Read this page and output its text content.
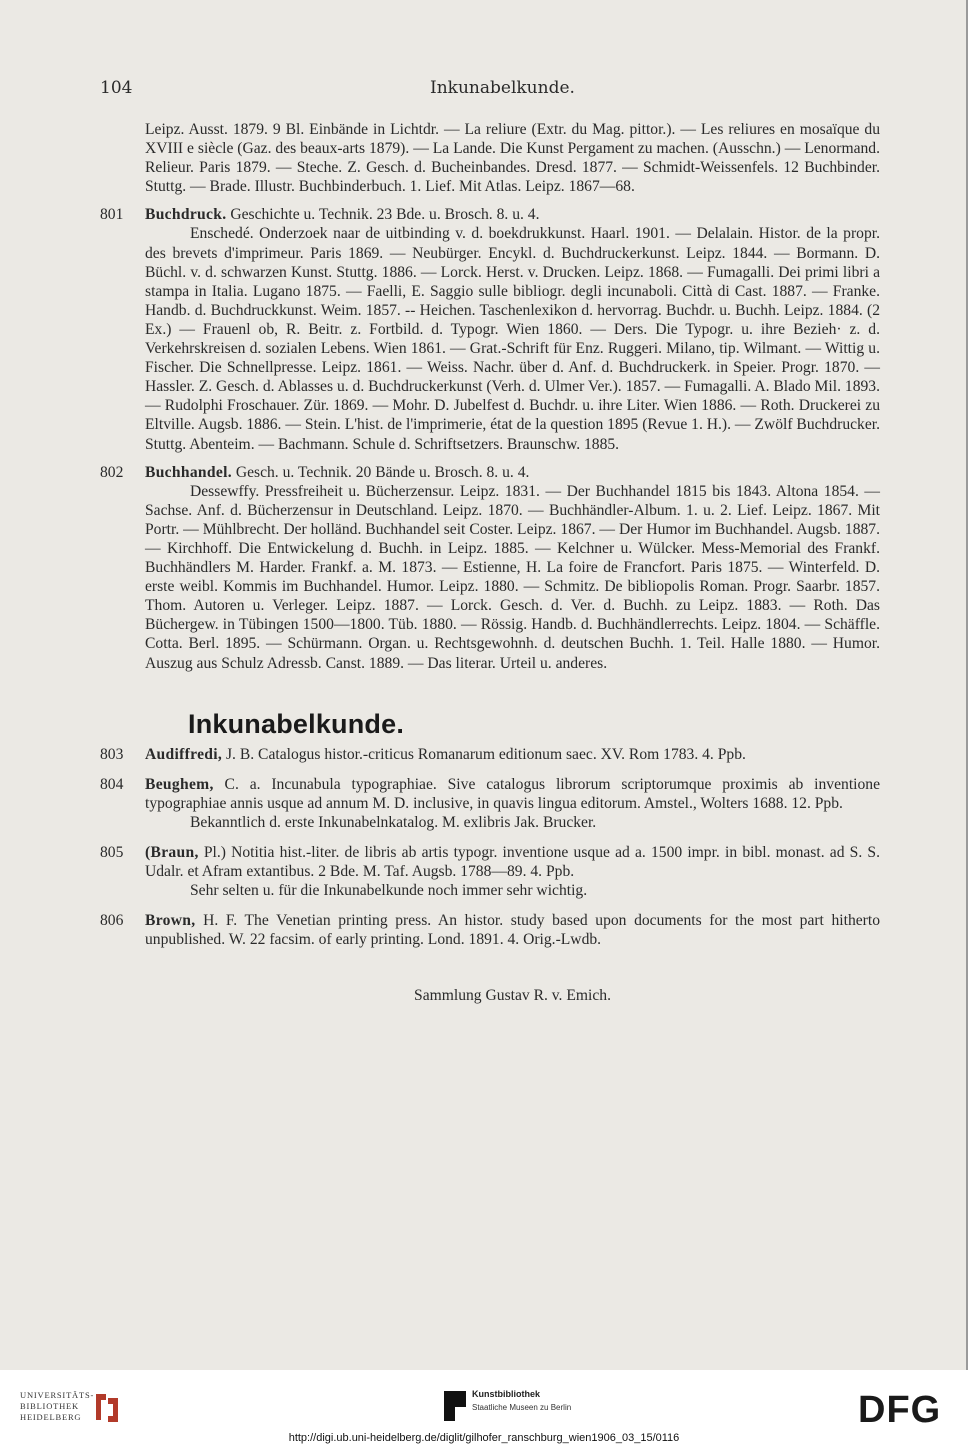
104	Inkunabelkunde.

Leipz. Ausst. 1879. 9 Bl. Einbände in Lichtdr. — La reliure (Extr. du Mag. pittor.). — Les reliures en mosaïque du XVIII e siècle (Gaz. des beaux-arts 1879). — La Lande. Die Kunst Pergament zu machen. (Ausschn.) — Lenormand. Relieur. Paris 1879. — Steche. Z. Gesch. d. Bucheinbandes. Dresd. 1877. — Schmidt-Weissenfels. 12 Buchbinder. Stuttg. — Brade. Illustr. Buchbinderbuch. 1. Lief. Mit Atlas. Leipz. 1867—68.

801 Buchdruck. Geschichte u. Technik. 23 Bde. u. Brosch. 8. u. 4.

Enschedé. Onderzoek naar de uitbinding v. d. boekdrukkunst. Haarl. 1901. — Delalain. Histor. de la propr. des brevets d'imprimeur. Paris 1869. — Neubürger. Encykl. d. Buchdruckerkunst. Leipz. 1844. — Bormann. D. Büchl. v. d. schwarzen Kunst. Stuttg. 1886. — Lorck. Herst. v. Drucken. Leipz. 1868. — Fumagalli. Dei primi libri a stampa in Italia. Lugano 1875. — Faelli, E. Saggio sulle bibliogr. degli incunaboli. Città di Cast. 1887. — Franke. Handb. d. Buchdruckkunst. Weim. 1857. -- Heichen. Taschenlexikon d. hervorrag. Buchdr. u. Buchh. Leipz. 1884. (2 Ex.) — Frauenl ob, R. Beitr. z. Fortbild. d. Typogr. Wien 1860. — Ders. Die Typogr. u. ihre Bezieh· z. d. Verkehrskreisen d. sozialen Lebens. Wien 1861. — Grat.-Schrift für Enz. Ruggeri. Milano, tip. Wilmant. — Wittig u. Fischer. Die Schnellpresse. Leipz. 1861. — Weiss. Nachr. über d. Anf. d. Buchdruckerk. in Speier. Progr. 1870. — Hassler. Z. Gesch. d. Ablasses u. d. Buchdruckerkunst (Verh. d. Ulmer Ver.). 1857. — Fumagalli. A. Blado Mil. 1893. — Rudolphi Froschauer. Zür. 1869. — Mohr. D. Jubelfest d. Buchdr. u. ihre Liter. Wien 1886. — Roth. Druckerei zu Eltville. Augsb. 1886. — Stein. L'hist. de l'imprimerie, état de la question 1895 (Revue 1. H.). — Zwölf Buchdrucker. Stuttg. Abenteim. — Bachmann. Schule d. Schriftsetzers. Braunschw. 1885.

802 Buchhandel. Gesch. u. Technik. 20 Bände u. Brosch. 8. u. 4.

Dessewffy. Pressfreiheit u. Bücherzensur. Leipz. 1831. — Der Buchhandel 1815 bis 1843. Altona 1854. — Sachse. Anf. d. Bücherzensur in Deutschland. Leipz. 1870. — Buchhändler-Album. 1. u. 2. Lief. Leipz. 1867. Mit Portr. — Mühlbrecht. Der holländ. Buchhandel seit Coster. Leipz. 1867. — Der Humor im Buchhandel. Augsb. 1887. — Kirchhoff. Die Entwickelung d. Buchh. in Leipz. 1885. — Kelchner u. Wülcker. Mess-Memorial des Frankf. Buchhändlers M. Harder. Frankf. a. M. 1873. — Estienne, H. La foire de Francfort. Paris 1875. — Winterfeld. D. erste weibl. Kommis im Buchhandel. Humor. Leipz. 1880. — Schmitz. De bibliopolis Roman. Progr. Saarbr. 1857. Thom. Autoren u. Verleger. Leipz. 1887. — Lorck. Gesch. d. Ver. d. Buchh. zu Leipz. 1883. — Roth. Das Büchergew. in Tübingen 1500—1800. Tüb. 1880. — Rössig. Handb. d. Buchhändlerrechts. Leipz. 1804. — Schäffle. Cotta. Berl. 1895. — Schürmann. Organ. u. Rechtsgewohnh. d. deutschen Buchh. 1. Teil. Halle 1880. — Humor. Auszug aus Schulz Adressb. Canst. 1889. — Das literar. Urteil u. anderes.

Inkunabelkunde.
803 Audiffredi, J. B. Catalogus histor.-criticus Romanarum editionum saec. XV. Rom 1783. 4. Ppb.

804 Beughem, C. a. Incunabula typographiae. Sive catalogus librorum scriptorumque proximis ab inventione typographiae annis usque ad annum M. D. inclusive, in quavis lingua editorum. Amstel., Wolters 1688. 12. Ppb.

Bekanntlich d. erste Inkunabelnkatalog. M. exlibris Jak. Brucker.

805 (Braun, Pl.) Notitia hist.-liter. de libris ab artis typogr. inventione usque ad a. 1500 impr. in bibl. monast. ad S. S. Udalr. et Afram extantibus. 2 Bde. M. Taf. Augsb. 1788—89. 4. Ppb.

Sehr selten u. für die Inkunabelkunde noch immer sehr wichtig.

806 Brown, H. F. The Venetian printing press. An histor. study based upon documents for the most part hitherto unpublished. W. 22 facsim. of early printing. Lond. 1891. 4. Orig.-Lwdb.

Sammlung Gustav R. v. Emich.

UNIVERSITÄTS-
BIBLIOTHEK
HEIDELBERG
Kunstbibliothek
Staatliche Museen zu Berlin	DFG
http://digi.ub.uni-heidelberg.de/diglit/gilhofer_ranschburg_wien1906_03_15/0116
